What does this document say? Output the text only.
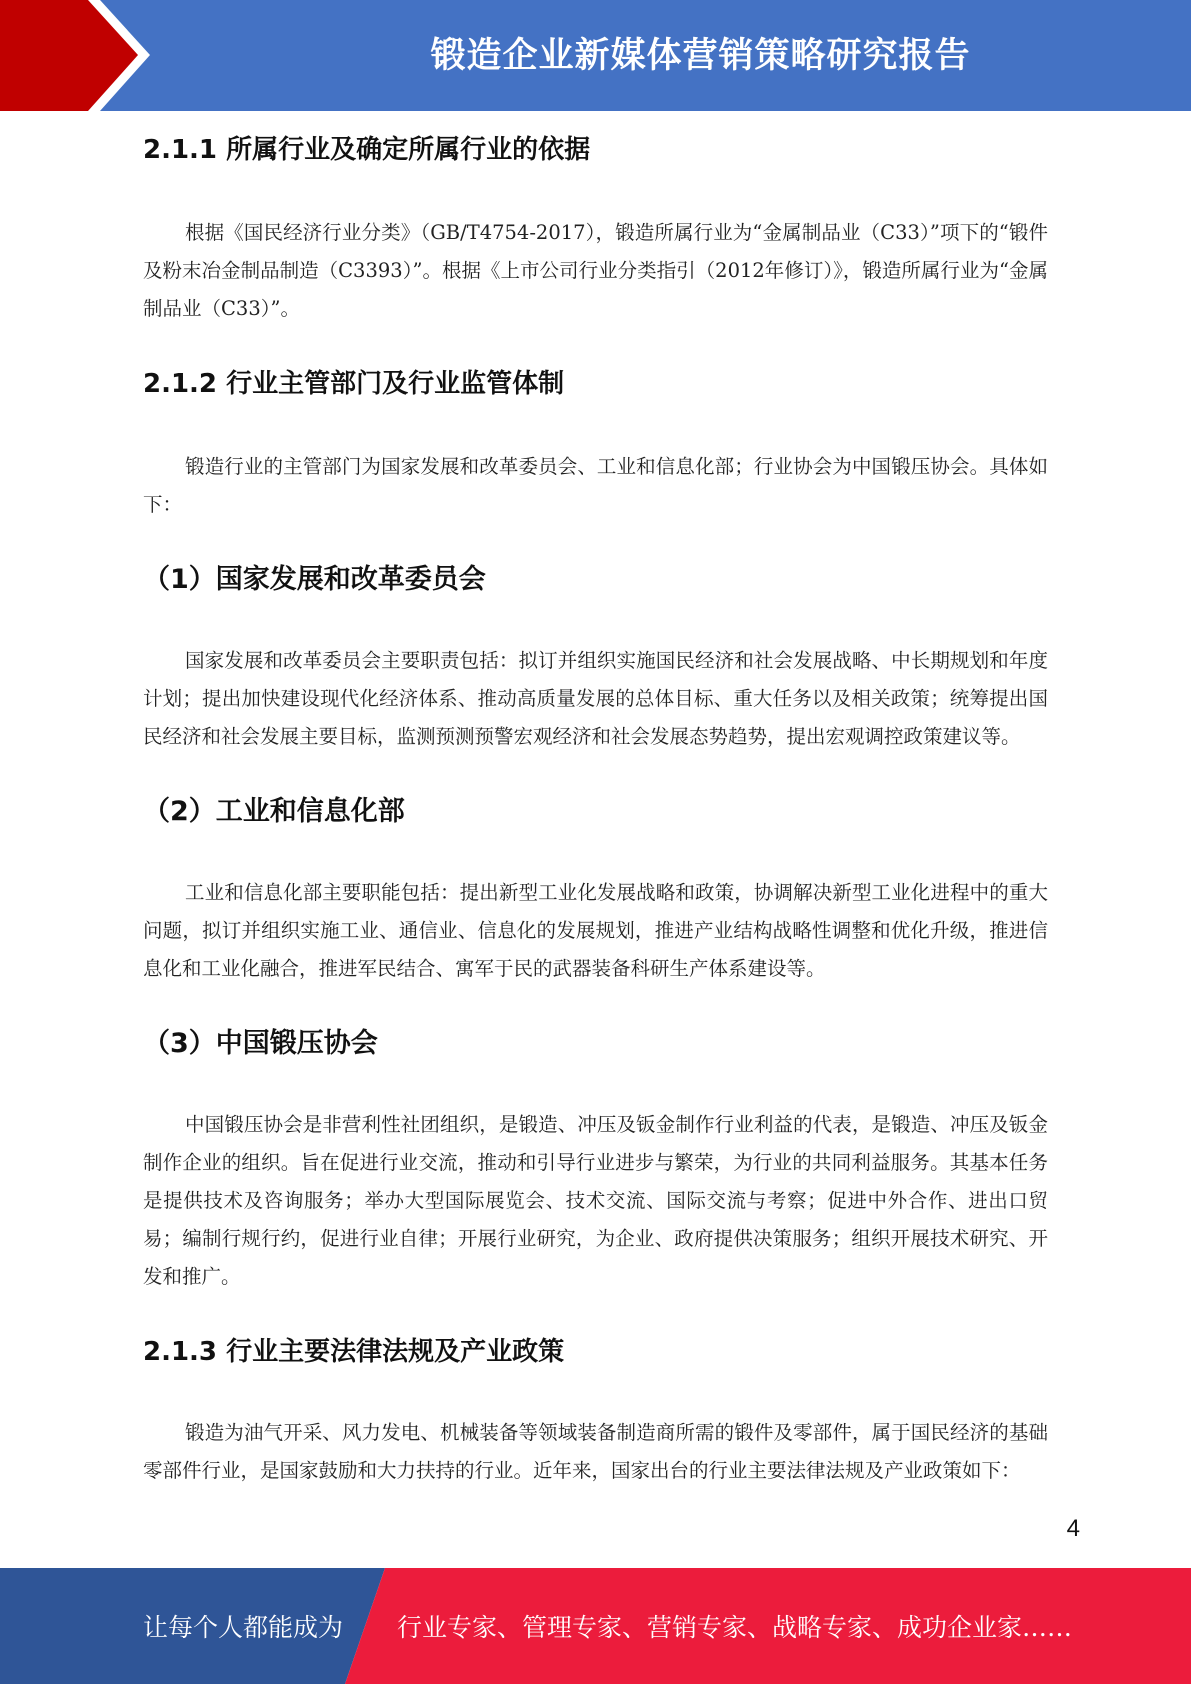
锻造企业新媒体营销策略研究报告
2.1.1 所属行业及确定所属行业的依据

根据《国民经济行业分类》（GB/T4754-2017），锻造所属行业为“金属制品业（C33）”项下的“锻件及粉末冶金制品制造（C3393）”。根据《上市公司行业分类指引（2012年修订）》，锻造所属行业为“金属制品业（C33）”。

2.1.2 行业主管部门及行业监管体制

锻造行业的主管部门为国家发展和改革委员会、工业和信息化部；行业协会为中国锻压协会。具体如下：

（1）国家发展和改革委员会

国家发展和改革委员会主要职责包括：拟订并组织实施国民经济和社会发展战略、中长期规划和年度计划；提出加快建设现代化经济体系、推动高质量发展的总体目标、重大任务以及相关政策；统筹提出国民经济和社会发展主要目标，监测预测预警宏观经济和社会发展态势趋势，提出宏观调控政策建议等。

（2）工业和信息化部

工业和信息化部主要职能包括：提出新型工业化发展战略和政策，协调解决新型工业化进程中的重大问题，拟订并组织实施工业、通信业、信息化的发展规划，推进产业结构战略性调整和优化升级，推进信息化和工业化融合，推进军民结合、寓军于民的武器装备科研生产体系建设等。

（3）中国锻压协会

中国锻压协会是非营利性社团组织，是锻造、冲压及钣金制作行业利益的代表，是锻造、冲压及钣金制作企业的组织。旨在促进行业交流，推动和引导行业进步与繁荣，为行业的共同利益服务。其基本任务是提供技术及咨询服务；举办大型国际展览会、技术交流、国际交流与考察；促进中外合作、进出口贸易；编制行规行约，促进行业自律；开展行业研究，为企业、政府提供决策服务；组织开展技术研究、开发和推广。

2.1.3 行业主要法律法规及产业政策

锻造为油气开采、风力发电、机械装备等领域装备制造商所需的锻件及零部件，属于国民经济的基础零部件行业，是国家鼓励和大力扶持的行业。近年来，国家出台的行业主要法律法规及产业政策如下：

4
让每个人都能成为 行业专家、管理专家、营销专家、战略专家、成功企业家……
